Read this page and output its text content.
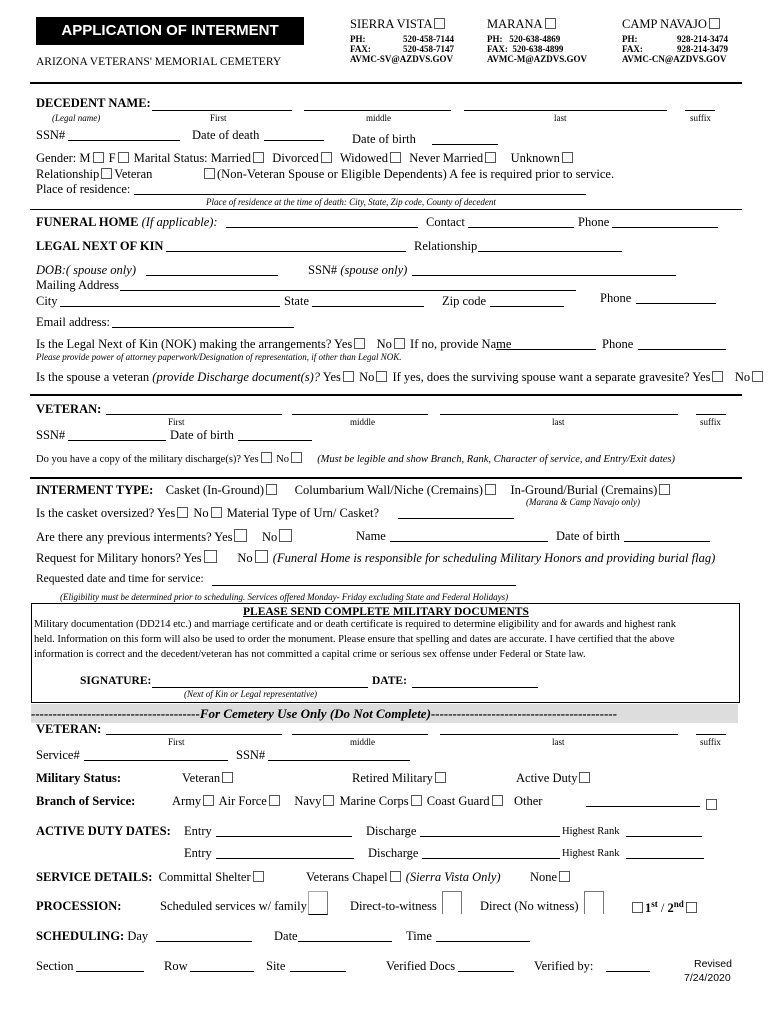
APPLICATION OF INTERMENT
ARIZONA VETERANS' MEMORIAL CEMETERY
SIERRA VISTA
PH:	520-458-7144
FAX:	520-458-7147
AVMC-SV@AZDVS.GOV
MARANA
PH: 520-638-4869
FAX: 520-638-4899
AVMC-M@AZDVS.GOV
CAMP NAVAJO
PH:	928-214-3474
FAX:	928-214-3479
AVMC-CN@AZDVS.GOV
DECEDENT NAME:
(Legal name)	First	middle	last	suffix
SSN#	Date of death	Date of birth
Gender: M F Marital Status: Married Divorced Widowed Never Married Unknown
Relationship Veteran	(Non-Veteran Spouse or Eligible Dependents) A fee is required prior to service.
Place of residence:
Place of residence at the time of death: City, State, Zip code, County of decedent
FUNERAL HOME (If applicable):	Contact	Phone
LEGAL NEXT OF KIN	Relationship
DOB:( spouse only)	SSN# (spouse only)
Mailing Address
City	State	Zip code	Phone
Email address:
Is the Legal Next of Kin (NOK) making the arrangements? Yes No If no, provide Name	Phone
Please provide power of attorney paperwork/Designation of representation, if other than Legal NOK.
Is the spouse a veteran (provide Discharge document(s)? Yes No If yes, does the surviving spouse want a separate gravesite? Yes No
VETERAN:
First	middle	last	suffix
SSN#	Date of birth
Do you have a copy of the military discharge(s)? Yes No	(Must be legible and show Branch, Rank, Character of service, and Entry/Exit dates)
INTERMENT TYPE: Casket (In-Ground) Columbarium Wall/Niche (Cremains) In-Ground/Burial (Cremains)
(Marana & Camp Navajo only)
Is the casket oversized? Yes No Material Type of Urn/ Casket?
Are there any previous interments? Yes No	Name	Date of birth
Request for Military honors? Yes	No (Funeral Home is responsible for scheduling Military Honors and providing burial flag)
Requested date and time for service:
(Eligibility must be determined prior to scheduling. Services offered Monday- Friday excluding State and Federal Holidays)
PLEASE SEND COMPLETE MILITARY DOCUMENTS
Military documentation (DD214 etc.) and marriage certificate and or death certificate is required to determine eligibility and for awards and highest rank
held. Information on this form will also be used to order the monument. Please ensure that spelling and dates are accurate. I have certified that the above
information is correct and the decedent/veteran has not committed a capital crime or serious sex offense under Federal or State law.
SIGNATURE:	DATE:
(Next of Kin or Legal representative)
---------------------------------------For Cemetery Use Only (Do Not Complete)-------------------------------------------
VETERAN:
First	middle	last	suffix
Service#	SSN#
Military Status:	Veteran	Retired Military	Active Duty
Branch of Service:	Army Air Force Navy Marine Corps Coast Guard Other
ACTIVE DUTY DATES: Entry	Discharge	Highest Rank
Entry	Discharge	Highest Rank
SERVICE DETAILS: Committal Shelter	Veterans Chapel (Sierra Vista Only) None
PROCESSION:	Scheduled services w/ family	Direct-to-witness	Direct (No witness)	1st / 2nd
SCHEDULING: Day	Date	Time
Section	Row	Site	Verified Docs	Verified by:	Revised
7/24/2020
